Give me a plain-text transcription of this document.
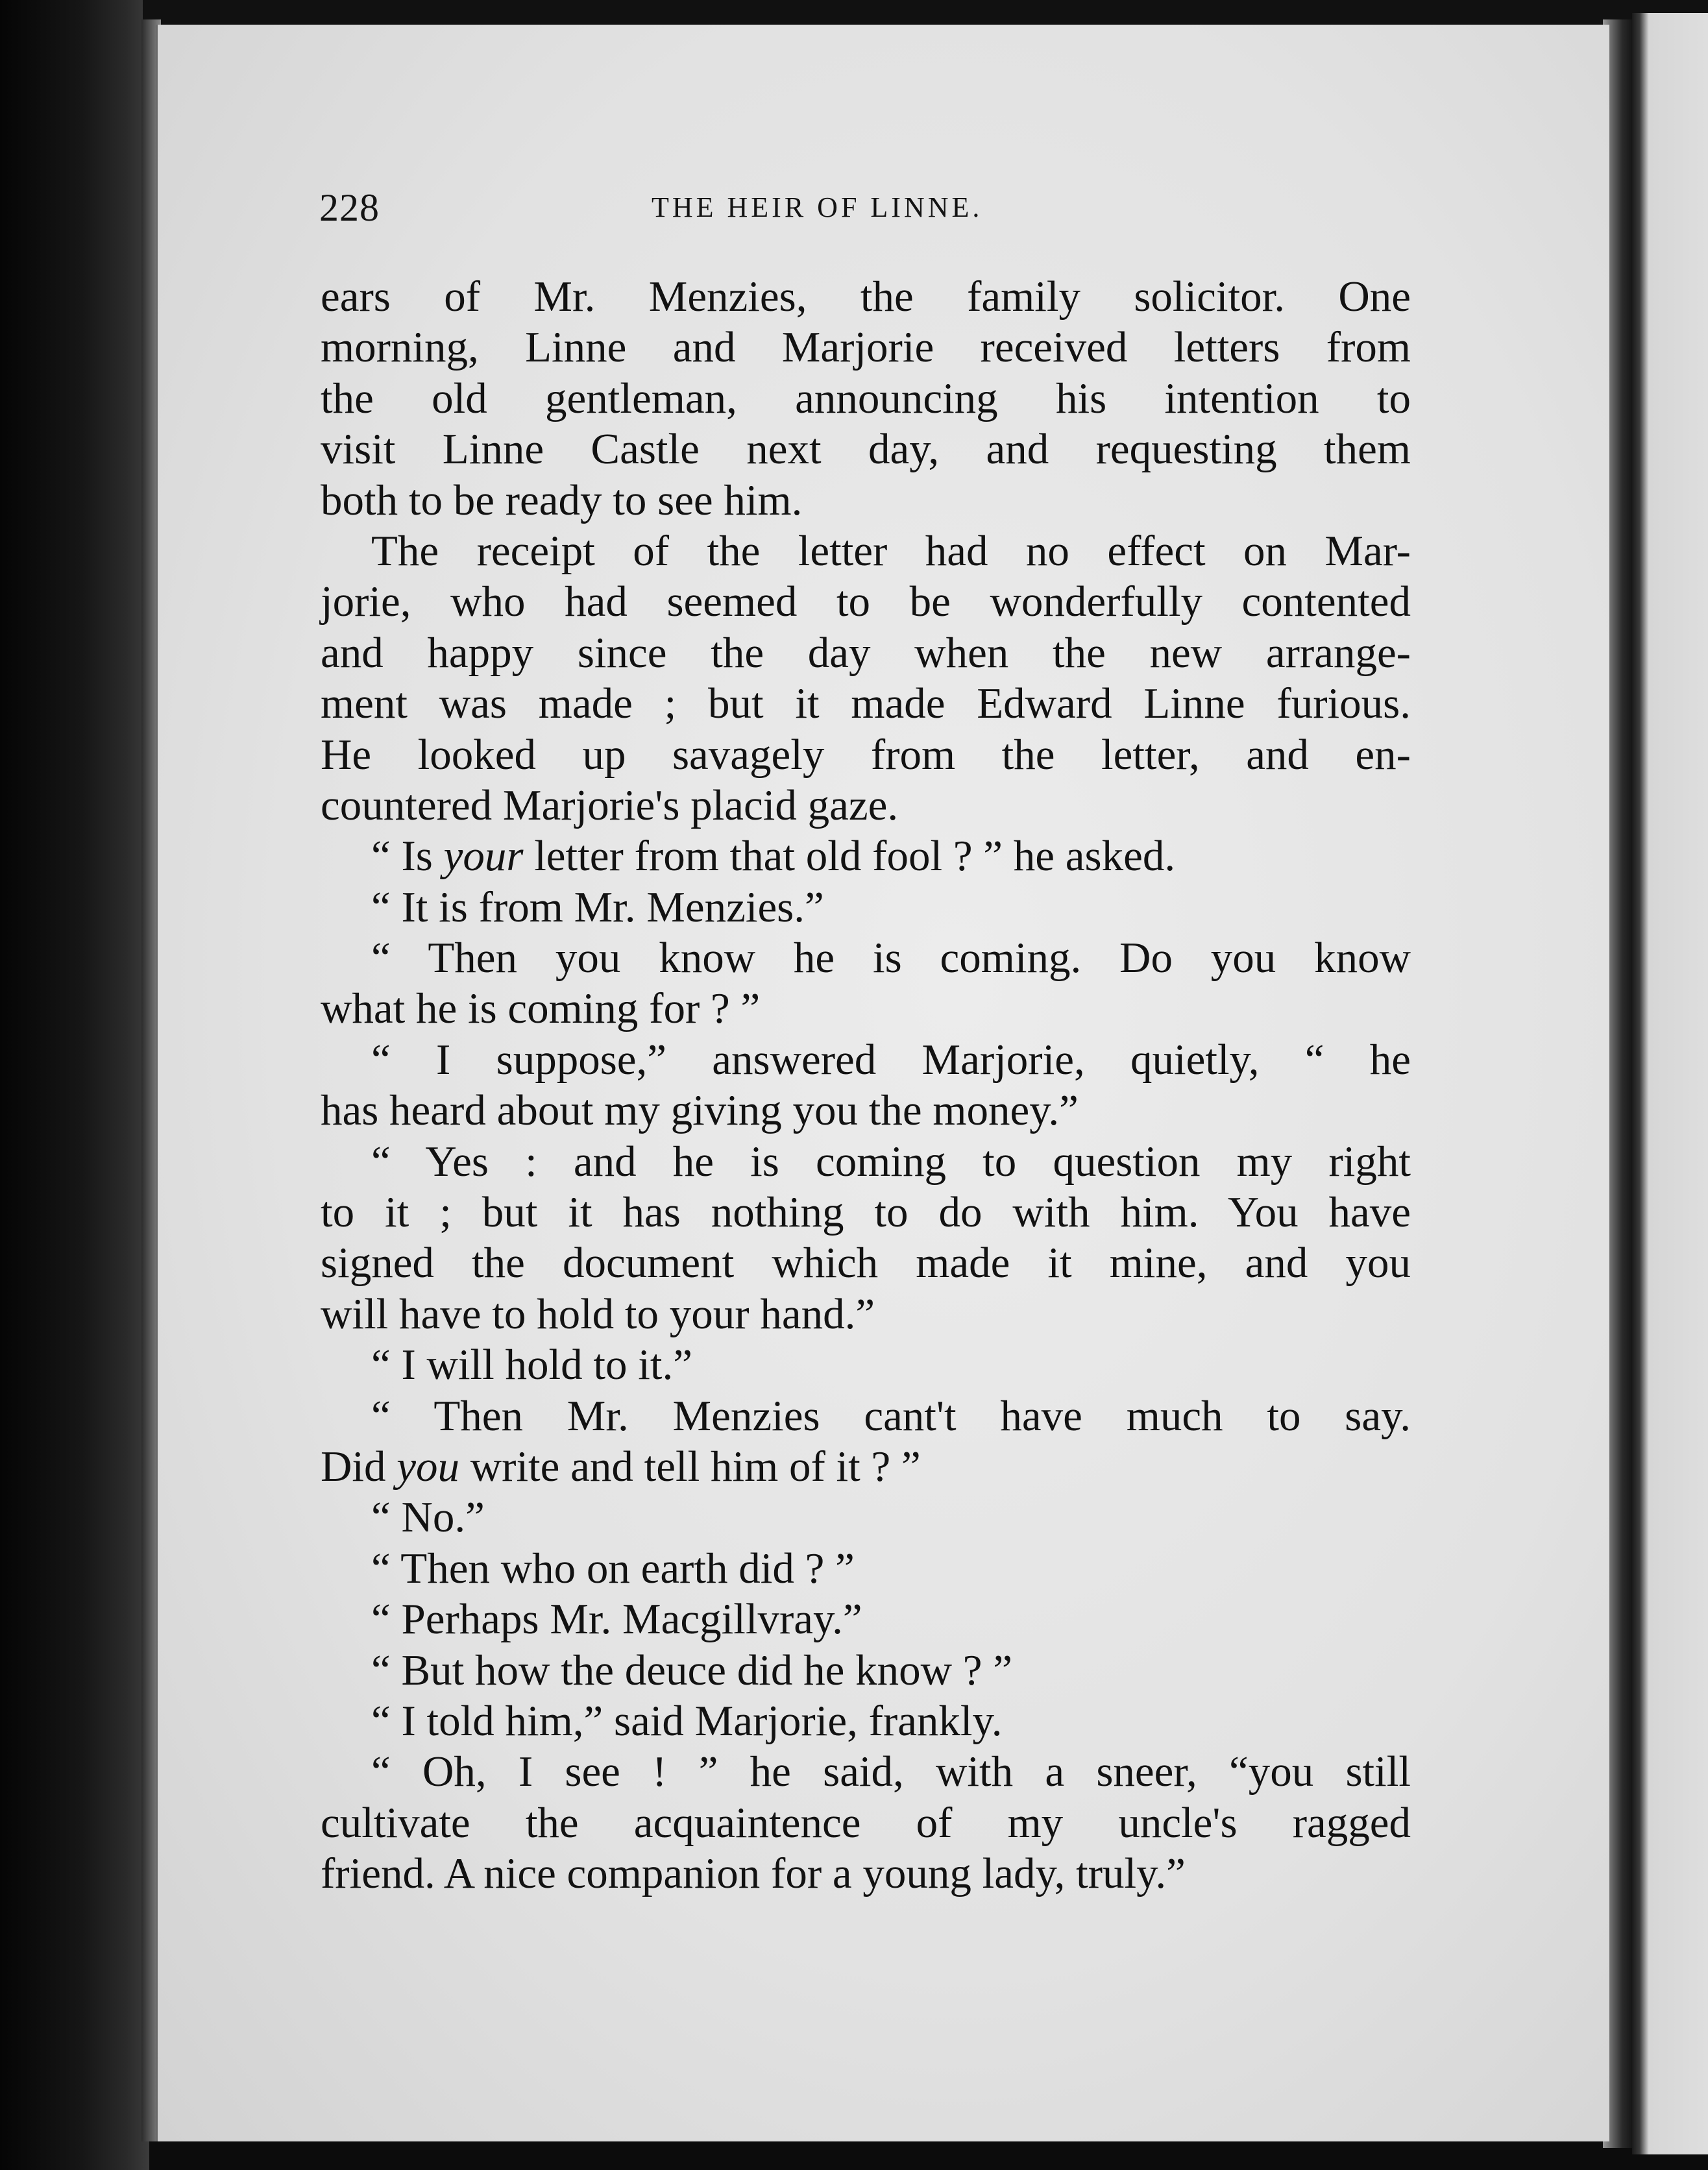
228	THE HEIR OF LINNE.
ears of Mr. Menzies, the family solicitor. One
morning, Linne and Marjorie received letters from
the old gentleman, announcing his intention to
visit Linne Castle next day, and requesting them
both to be ready to see him.
The receipt of the letter had no effect on Mar-
jorie, who had seemed to be wonderfully contented
and happy since the day when the new arrange-
ment was made ; but it made Edward Linne furious.
He looked up savagely from the letter, and en-
countered Marjorie's placid gaze.
“ Is your letter from that old fool ? ” he asked.
“ It is from Mr. Menzies.”
“ Then you know he is coming. Do you know
what he is coming for ? ”
“ I suppose,” answered Marjorie, quietly, “ he
has heard about my giving you the money.”
“ Yes : and he is coming to question my right
to it ; but it has nothing to do with him. You have
signed the document which made it mine, and you
will have to hold to your hand.”
“ I will hold to it.”
“ Then Mr. Menzies cant't have much to say.
Did you write and tell him of it ? ”
“ No.”
“ Then who on earth did ? ”
“ Perhaps Mr. Macgillvray.”
“ But how the deuce did he know ? ”
“ I told him,” said Marjorie, frankly.
“ Oh, I see ! ” he said, with a sneer, “you still
cultivate the acquaintence of my uncle's ragged
friend. A nice companion for a young lady, truly.”
